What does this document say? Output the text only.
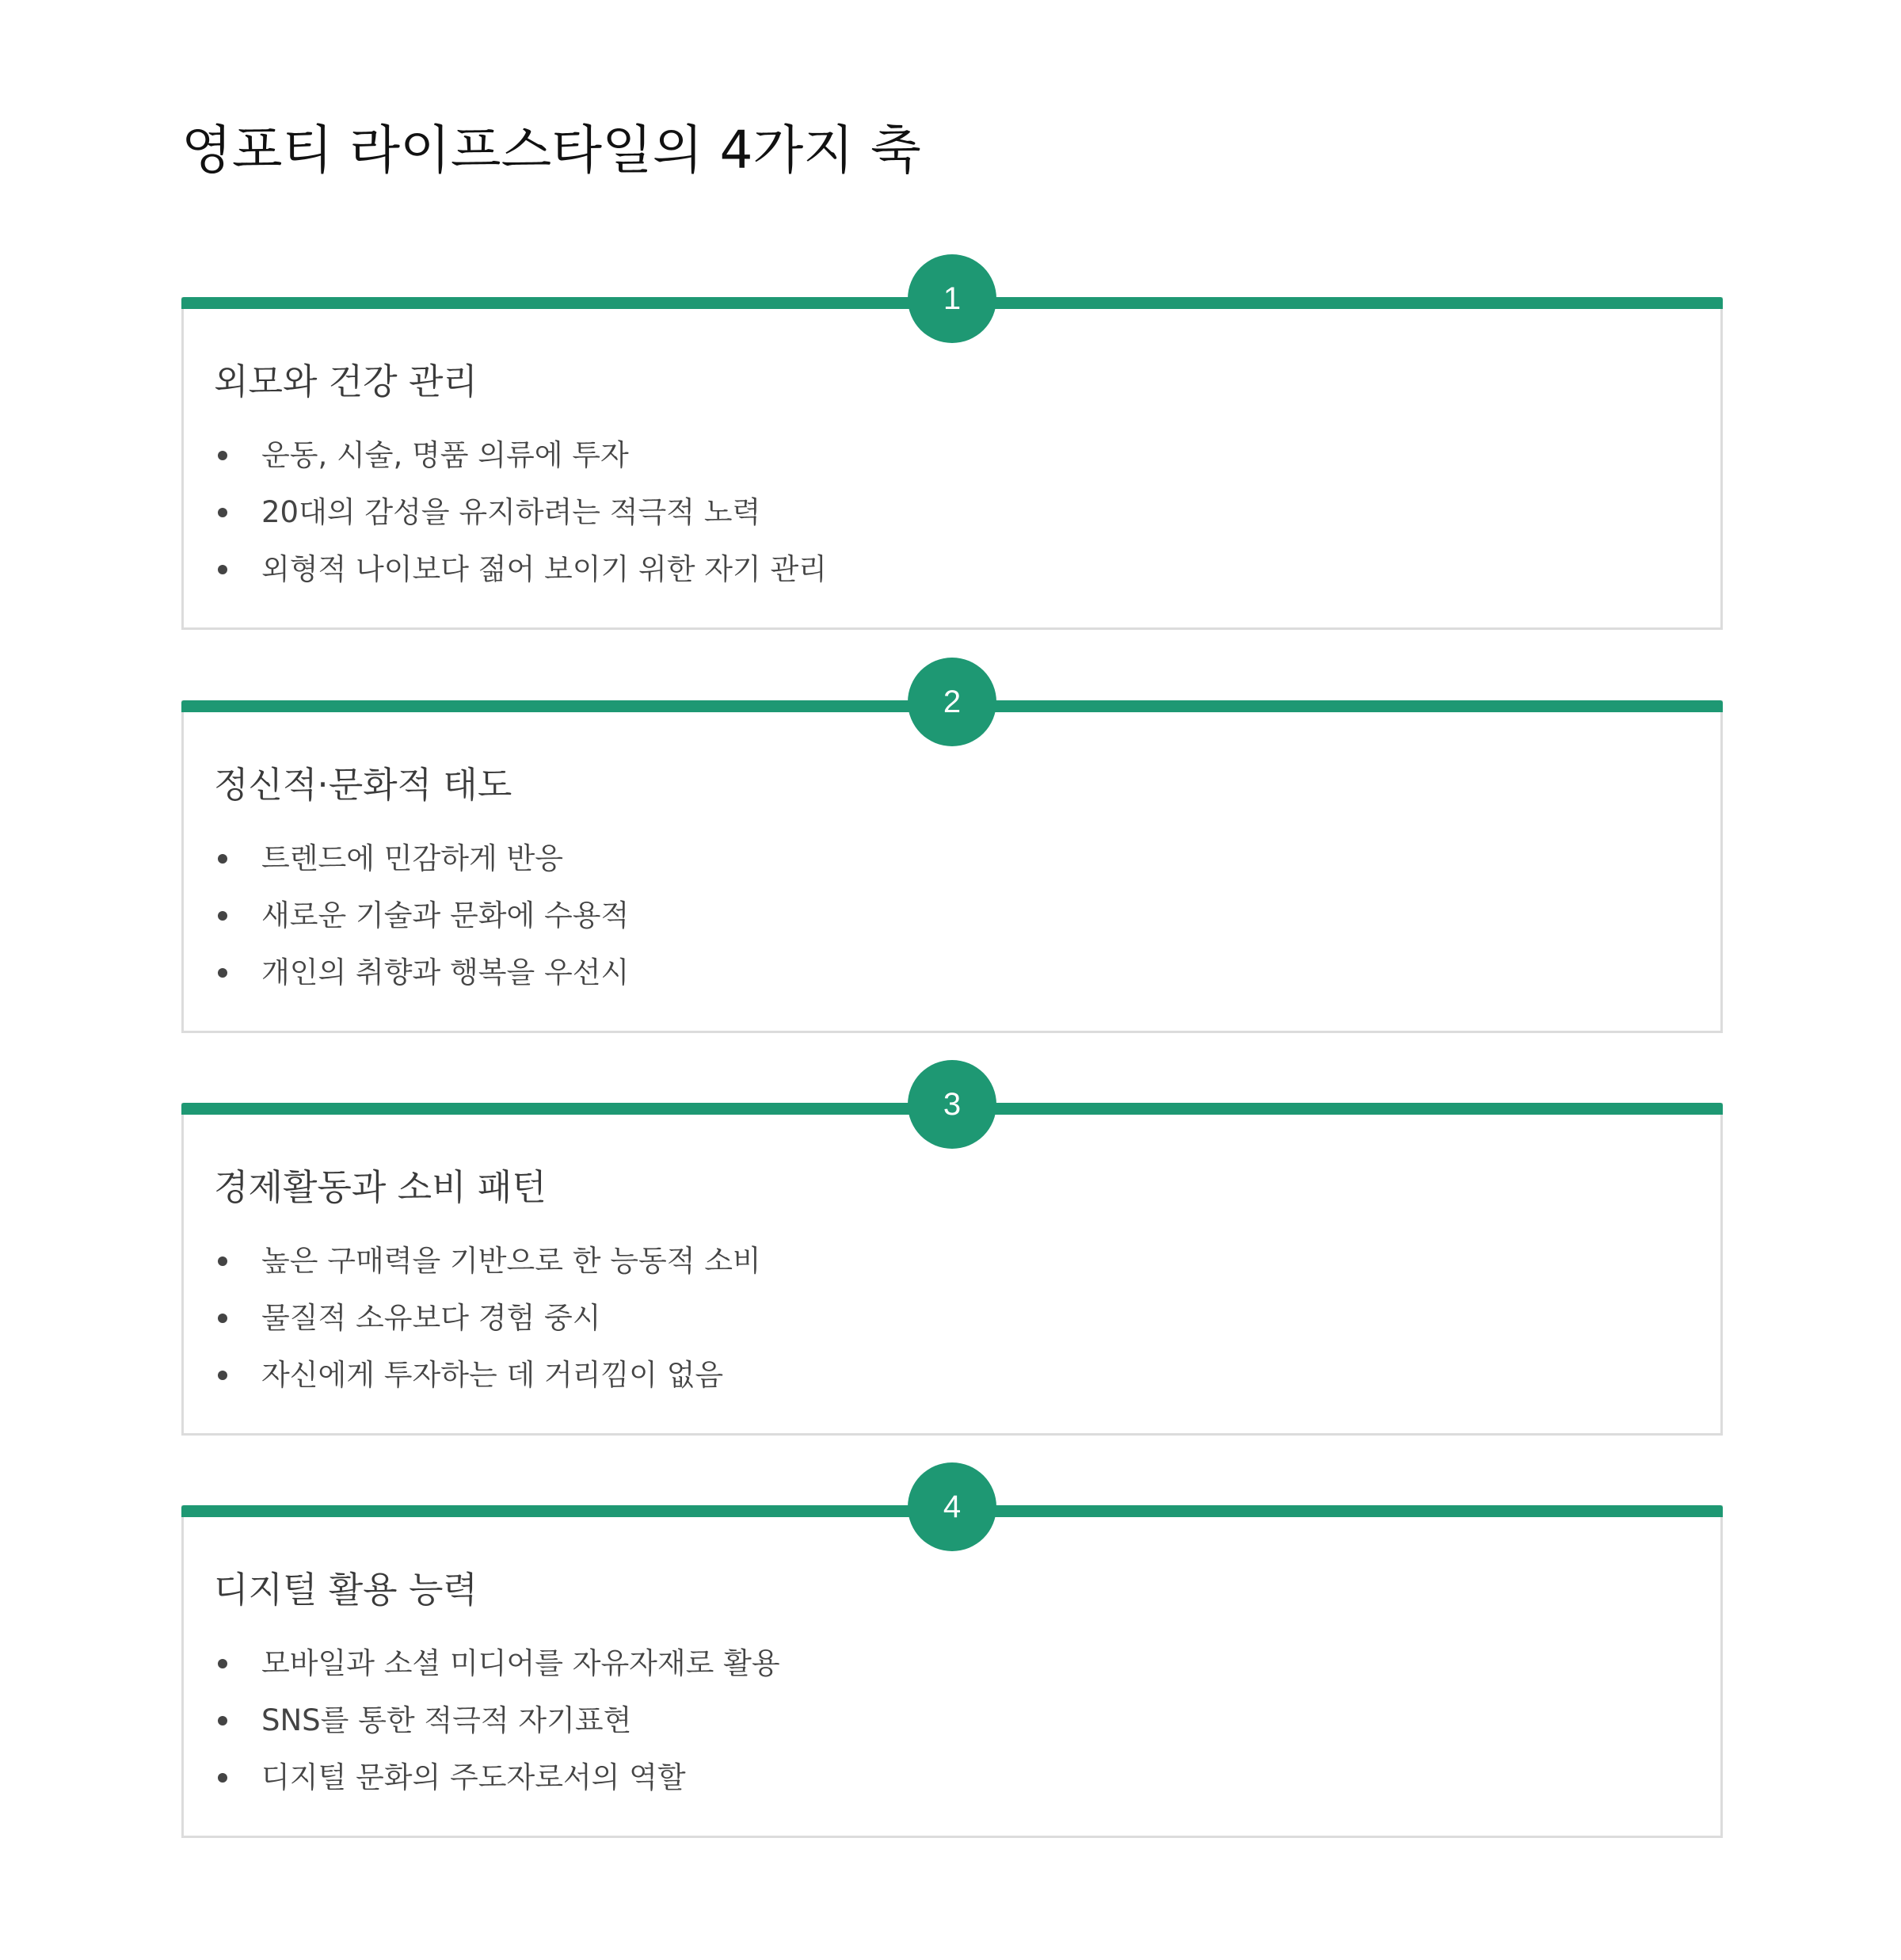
영포티 라이프스타일의 4가지 축
1
외모와 건강 관리
운동, 시술, 명품 의류에 투자
20대의 감성을 유지하려는 적극적 노력
외형적 나이보다 젊어 보이기 위한 자기 관리
2
정신적·문화적 태도
트렌드에 민감하게 반응
새로운 기술과 문화에 수용적
개인의 취향과 행복을 우선시
3
경제활동과 소비 패턴
높은 구매력을 기반으로 한 능동적 소비
물질적 소유보다 경험 중시
자신에게 투자하는 데 거리낌이 없음
4
디지털 활용 능력
모바일과 소셜 미디어를 자유자재로 활용
SNS를 통한 적극적 자기표현
디지털 문화의 주도자로서의 역할
